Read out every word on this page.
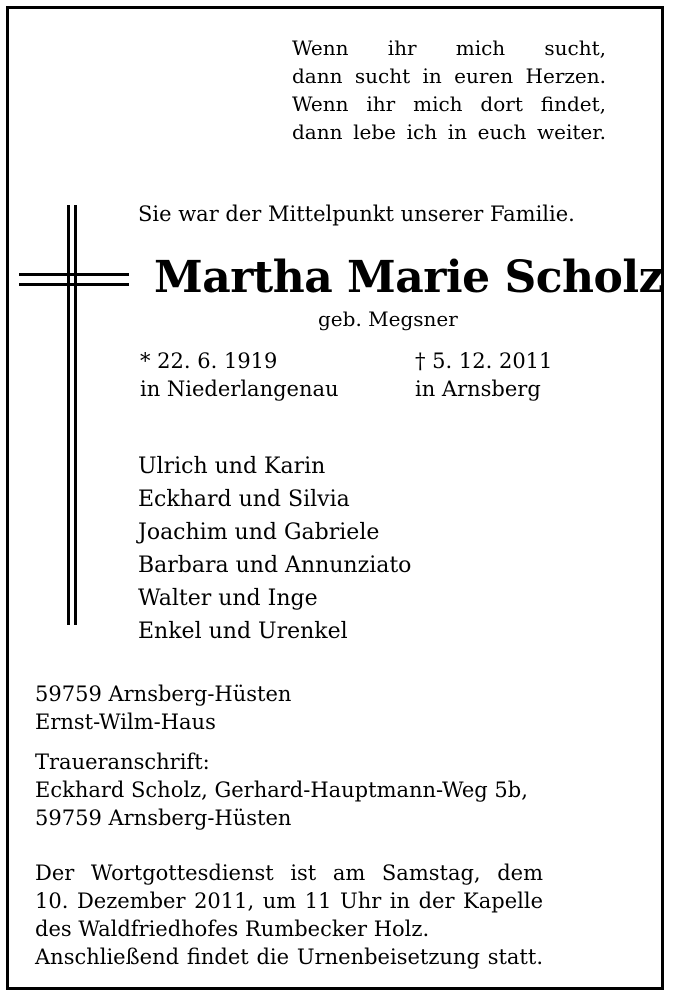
Wenn ihr mich sucht,
dann sucht in euren Herzen.
Wenn ihr mich dort findet,
dann lebe ich in euch weiter.
Sie war der Mittelpunkt unserer Familie.
Martha Marie Scholz
geb. Megsner
* 22. 6. 1919
in Niederlangenau
† 5. 12. 2011
in Arnsberg
Ulrich und Karin
Eckhard und Silvia
Joachim und Gabriele
Barbara und Annunziato
Walter und Inge
Enkel und Urenkel
59759 Arnsberg-Hüsten
Ernst-Wilm-Haus
Traueranschrift:
Eckhard Scholz, Gerhard-Hauptmann-Weg 5b,
59759 Arnsberg-Hüsten
Der Wortgottesdienst ist am Samstag, dem
10. Dezember 2011, um 11 Uhr in der Kapelle
des Waldfriedhofes Rumbecker Holz.
Anschließend findet die Urnenbeisetzung statt.
